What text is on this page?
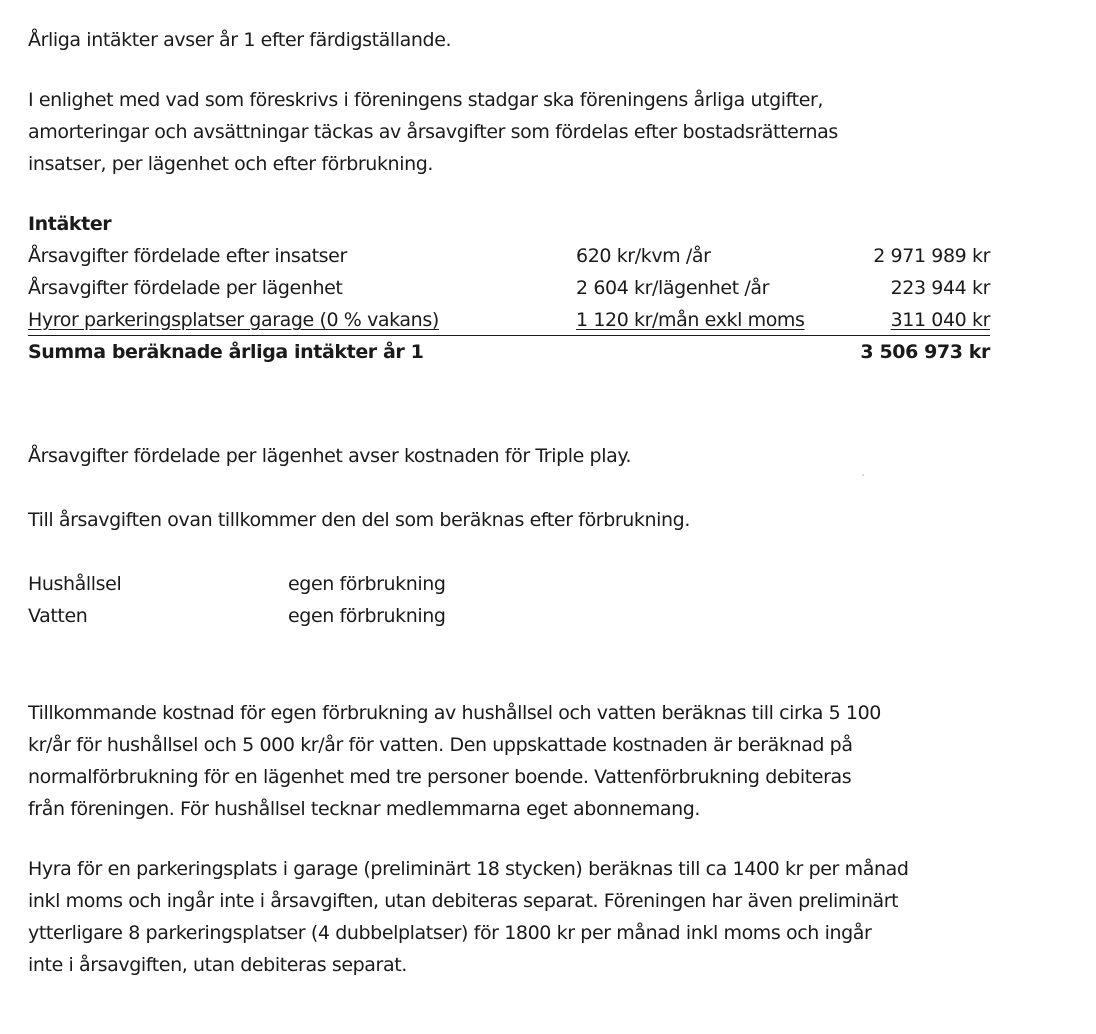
Årliga intäkter avser år 1 efter färdigställande.

I enlighet med vad som föreskrivs i föreningens stadgar ska föreningens årliga utgifter,

amorteringar och avsättningar täckas av årsavgifter som fördelas efter bostadsrätternas

insatser, per lägenhet och efter förbrukning.

Intäkter
Årsavgifter fördelade efter insatser	620 kr/kvm /år	2 971 989 kr
Årsavgifter fördelade per lägenhet	2 604 kr/lägenhet /år	223 944 kr
Hyror parkeringsplatser garage (0 % vakans)	1 120 kr/mån exkl moms	311 040 kr
Summa beräknade årliga intäkter år 1	3 506 973 kr

Årsavgifter fördelade per lägenhet avser kostnaden för Triple play.

Till årsavgiften ovan tillkommer den del som beräknas efter förbrukning.

Hushållsel	egen förbrukning
Vatten	egen förbrukning

Tillkommande kostnad för egen förbrukning av hushållsel och vatten beräknas till cirka 5 100

kr/år för hushållsel och 5 000 kr/år för vatten. Den uppskattade kostnaden är beräknad på

normalförbrukning för en lägenhet med tre personer boende. Vattenförbrukning debiteras

från föreningen. För hushållsel tecknar medlemmarna eget abonnemang.

Hyra för en parkeringsplats i garage (preliminärt 18 stycken) beräknas till ca 1400 kr per månad

inkl moms och ingår inte i årsavgiften, utan debiteras separat. Föreningen har även preliminärt

ytterligare 8 parkeringsplatser (4 dubbelplatser) för 1800 kr per månad inkl moms och ingår

inte i årsavgiften, utan debiteras separat.
